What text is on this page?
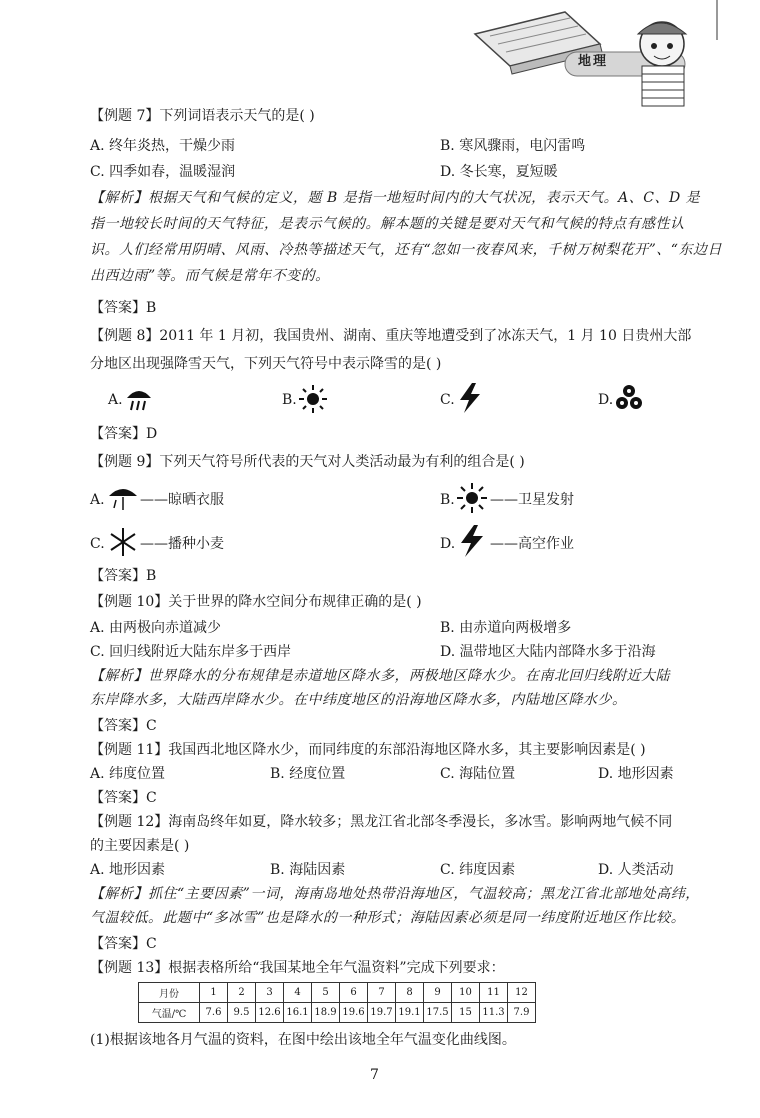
地理
【例题 7】下列词语表示天气的是( )
A. 终年炎热，干燥少雨	B. 寒风骤雨，电闪雷鸣
C. 四季如春，温暖湿润	D. 冬长寒，夏短暖
【解析】根据天气和气候的定义，题 B 是指一地短时间内的大气状况，表示天气。A、C、D 是
指一地较长时间的天气特征，是表示气候的。解本题的关键是要对天气和气候的特点有感性认
识。人们经常用阴晴、风雨、冷热等描述天气，还有“忽如一夜春风来，千树万树梨花开”、“东边日
出西边雨”等。而气候是常年不变的。
【答案】B
【例题 8】2011 年 1 月初，我国贵州、湖南、重庆等地遭受到了冰冻天气，1 月 10 日贵州大部
分地区出现强降雪天气，下列天气符号中表示降雪的是( )
A.	B.	C.	D.
【答案】D
【例题 9】下列天气符号所代表的天气对人类活动最为有利的组合是( )
A.	——晾晒衣服	B.	——卫星发射
C.	——播种小麦	D. ——高空作业
【答案】B
【例题 10】关于世界的降水空间分布规律正确的是( )
A. 由两极向赤道减少	B. 由赤道向两极增多
C. 回归线附近大陆东岸多于西岸	D. 温带地区大陆内部降水多于沿海
【解析】世界降水的分布规律是赤道地区降水多，两极地区降水少。在南北回归线附近大陆
东岸降水多，大陆西岸降水少。在中纬度地区的沿海地区降水多，内陆地区降水少。
【答案】C
【例题 11】我国西北地区降水少，而同纬度的东部沿海地区降水多，其主要影响因素是( )
A. 纬度位置	B. 经度位置	C. 海陆位置	D. 地形因素
【答案】C
【例题 12】海南岛终年如夏，降水较多；黑龙江省北部冬季漫长，多冰雪。影响两地气候不同
的主要因素是( )
A. 地形因素	B. 海陆因素	C. 纬度因素	D. 人类活动
【解析】抓住“主要因素”一词，海南岛地处热带沿海地区，气温较高；黑龙江省北部地处高纬，
气温较低。此题中“多冰雪”也是降水的一种形式；海陆因素必须是同一纬度附近地区作比较。
【答案】C
【例题 13】根据表格所给“我国某地全年气温资料”完成下列要求：
月份	1	2	3	4	5	6	7	8	9	10	11	12
气温/℃	7.6	9.5	12.6	16.1	18.9	19.6	19.7	19.1	17.5	15	11.3	7.9
(1)根据该地各月气温的资料，在图中绘出该地全年气温变化曲线图。
7
